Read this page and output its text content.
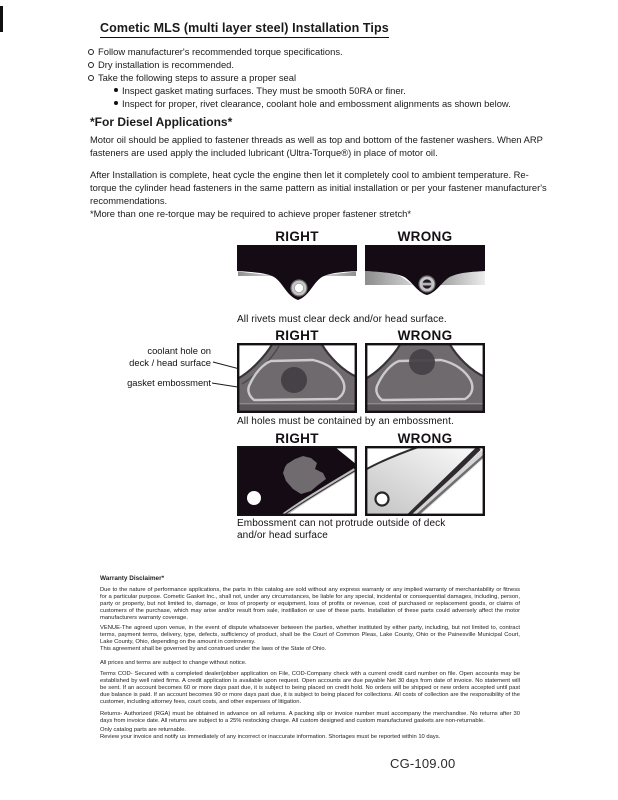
Cometic MLS (multi layer steel) Installation Tips
Follow manufacturer's recommended torque specifications.
Dry installation is recommended.
Take the following steps to assure a proper seal
Inspect gasket mating surfaces. They must be smooth 50RA or finer.
Inspect for proper, rivet clearance, coolant hole and embossment alignments as shown below.
*For Diesel Applications*
Motor oil should be applied to fastener threads as well as top and bottom of the fastener washers. When ARP fasteners are used apply the included lubricant (Ultra-Torque®) in place of motor oil.
After Installation is complete, heat cycle the engine then let it completely cool to ambient temperature. Re-torque the cylinder head fasteners in the same pattern as initial installation or per your fastener manufacturer's recommendations.
*More than one re-torque may be required to achieve proper fastener stretch*
RIGHT	WRONG
All rivets must clear deck and/or head surface.
RIGHT	WRONG
coolant hole on
deck / head surface
gasket embossment
All holes must be contained by an embossment.
RIGHT	WRONG
Embossment can not protrude outside of deck
and/or head surface
Warranty Disclaimer*
Due to the nature of performance applications, the parts in this catalog are sold without any express warranty or any implied warranty of merchantability or fitness for a particular purpose. Cometic Gasket Inc., shall not, under any circumstances, be liable for any special, incidental or consequential damages, including, person, party or property, but not limited to, damage, or loss of property or equipment, loss of profits or revenue, cost of purchased or replacement goods, or claims of customers of the purchase, which may arise and/or result from sale, instillation or use of these parts. Installation of these parts could adversely affect the motor manufacturers warranty coverage.
VENUE-The agreed upon venue, in the event of dispute whatsoever between the parties, whether instituted by either party, including, but not limited to, contract terms, payment terms, delivery, type, defects, sufficiency of product, shall be the Court of Common Pleas, Lake County, Ohio or the Painesville Municipal Court, Lake County, Ohio, depending on the amount in controversy.
This agreement shall be governed by and construed under the laws of the State of Ohio.
All prices and terms are subject to change without notice.
Terms COD- Secured with a completed dealer/jobber application on File, COD-Company check with a current credit card number on file. Open accounts may be established by well rated firms. A credit application is available upon request. Open accounts are due payable Net 30 days from date of invoice. No statement will be sent. If an account becomes 60 or more days past due, it is subject to being placed on credit hold. No orders will be shipped or new orders accepted until past due balance is paid. If an account becomes 90 or more days past due, it is subject to being placed for collections. All costs of collection are the responsibility of the customer, including attorney fees, court costs, and other expenses of litigation.
Returns- Authorized (RGA) must be obtained in advance on all returns. A packing slip or invoice number must accompany the merchandise. No returns after 30 days from invoice date. All returns are subject to a 25% restocking charge. All custom designed and custom manufactured gaskets are non-returnable.
Only catalog parts are returnable.
Review your invoice and notify us immediately of any incorrect or inaccurate information. Shortages must be reported within 10 days.
CG-109.00
